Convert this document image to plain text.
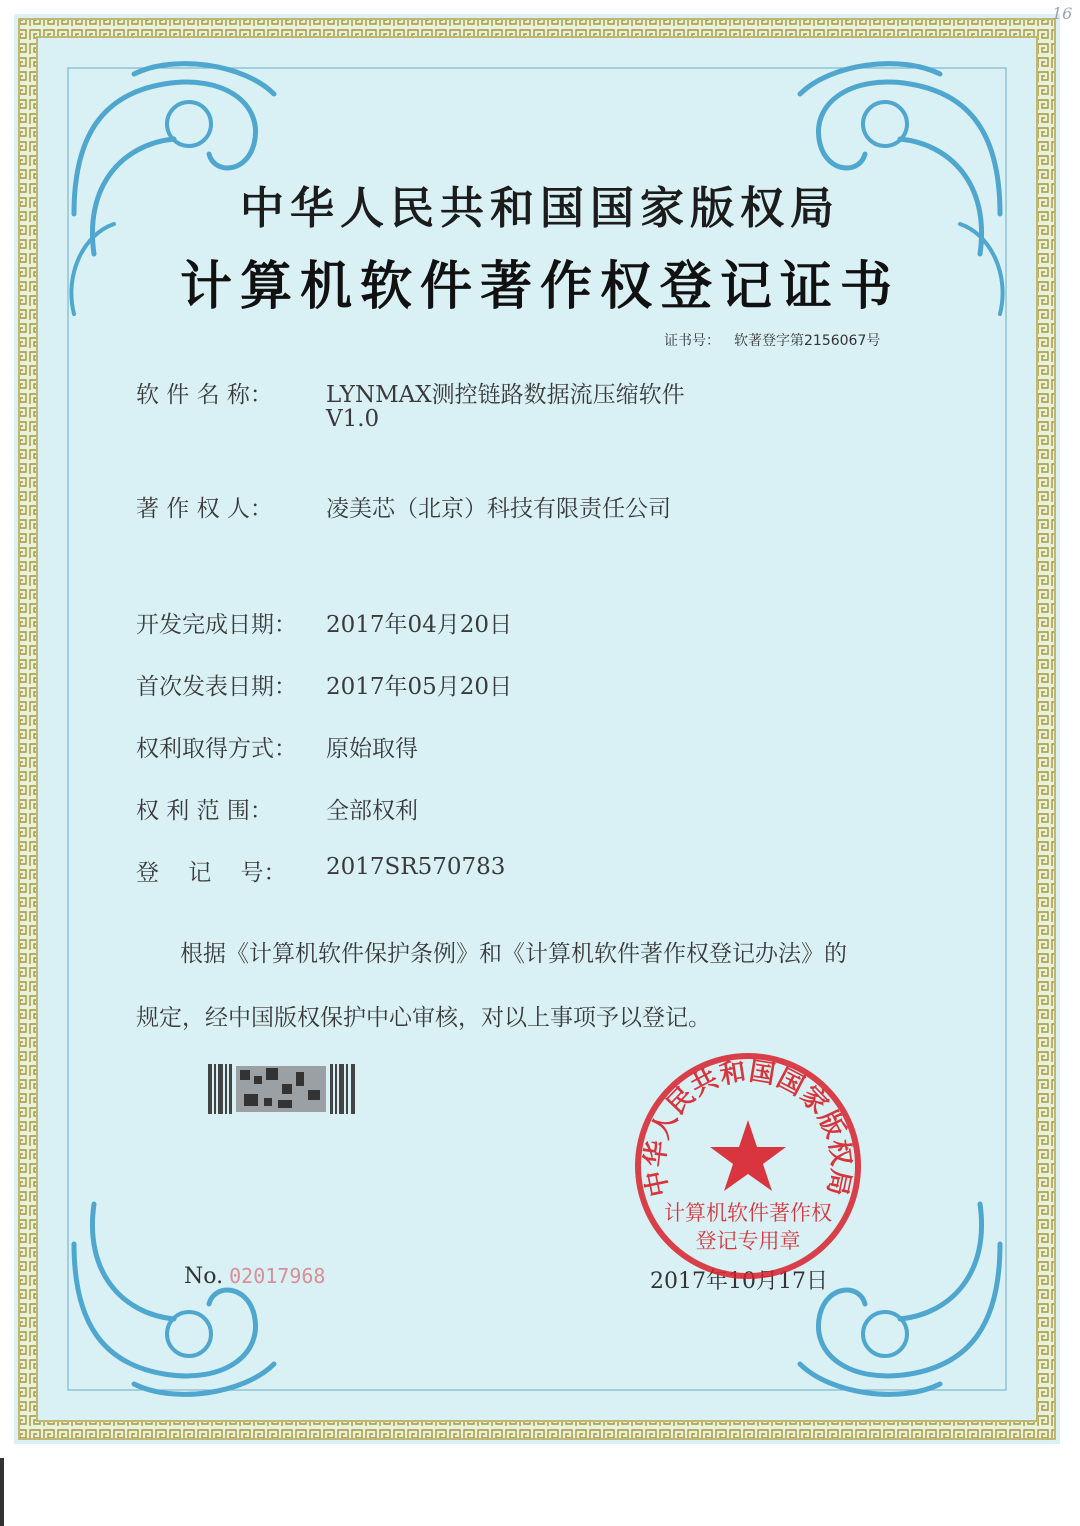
16
中华人民共和国国家版权局
计算机软件著作权登记证书
证书号： 软著登字第2156067号
软 件 名 称： LYNMAX测控链路数据流压缩软件
V1.0
著 作 权 人： 凌美芯（北京）科技有限责任公司
开发完成日期： 2017年04月20日
首次发表日期： 2017年05月20日
权利取得方式： 原始取得
权 利 范 围： 全部权利
登    记    号： 2017SR570783
根据《计算机软件保护条例》和《计算机软件著作权登记办法》的
规定，经中国版权保护中心审核，对以上事项予以登记。
No. 02017968	2017年10月17日
中华人民共和国国家版权局
计算机软件著作权
登记专用章
